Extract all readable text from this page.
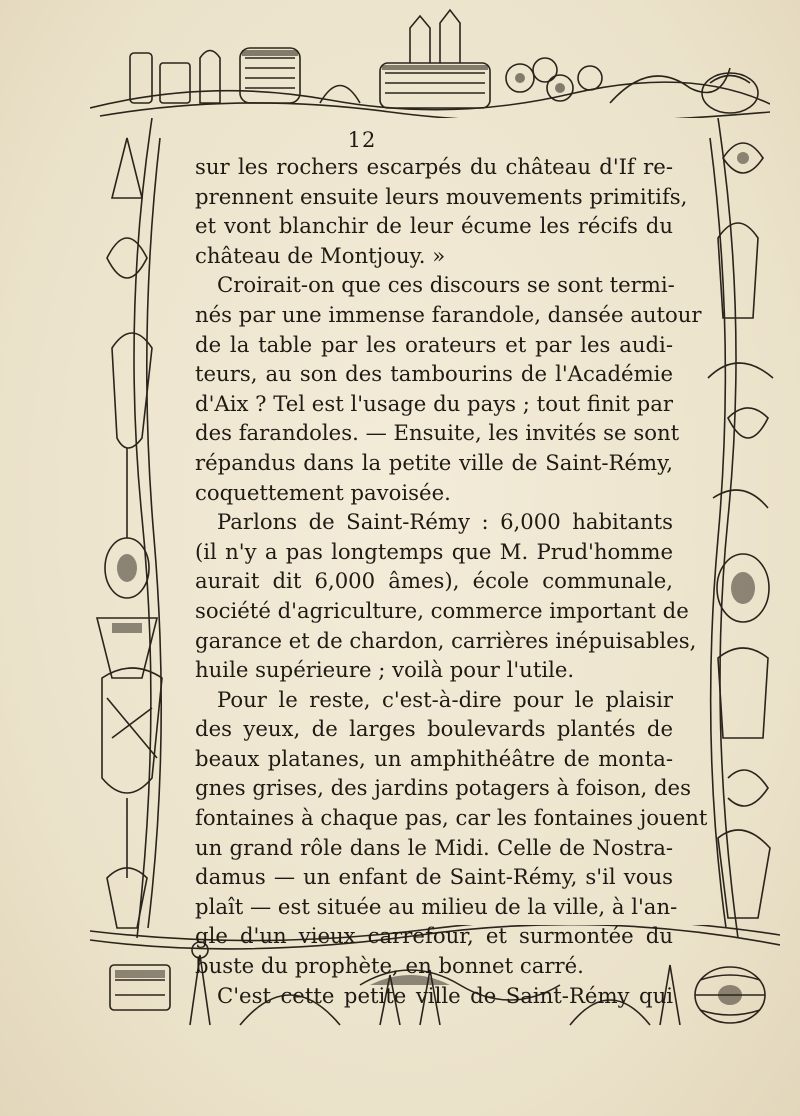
12
sur les rochers escarpés du château d'If re-
prennent ensuite leurs mouvements primitifs,
et vont blanchir de leur écume les récifs du
château de Montjouy. »
Croirait-on que ces discours se sont termi-
nés par une immense farandole, dansée autour
de la table par les orateurs et par les audi-
teurs, au son des tambourins de l'Académie
d'Aix ? Tel est l'usage du pays ; tout finit par
des farandoles. — Ensuite, les invités se sont
répandus dans la petite ville de Saint-Rémy,
coquettement pavoisée.
Parlons de Saint-Rémy : 6,000 habitants
(il n'y a pas longtemps que M. Prud'homme
aurait dit 6,000 âmes), école communale,
société d'agriculture, commerce important de
garance et de chardon, carrières inépuisables,
huile supérieure ; voilà pour l'utile.
Pour le reste, c'est-à-dire pour le plaisir
des yeux, de larges boulevards plantés de
beaux platanes, un amphithéâtre de monta-
gnes grises, des jardins potagers à foison, des
fontaines à chaque pas, car les fontaines jouent
un grand rôle dans le Midi. Celle de Nostra-
damus — un enfant de Saint-Rémy, s'il vous
plaît — est située au milieu de la ville, à l'an-
gle d'un vieux carrefour, et surmontée du
buste du prophète, en bonnet carré.
C'est cette petite ville de Saint-Rémy qui
